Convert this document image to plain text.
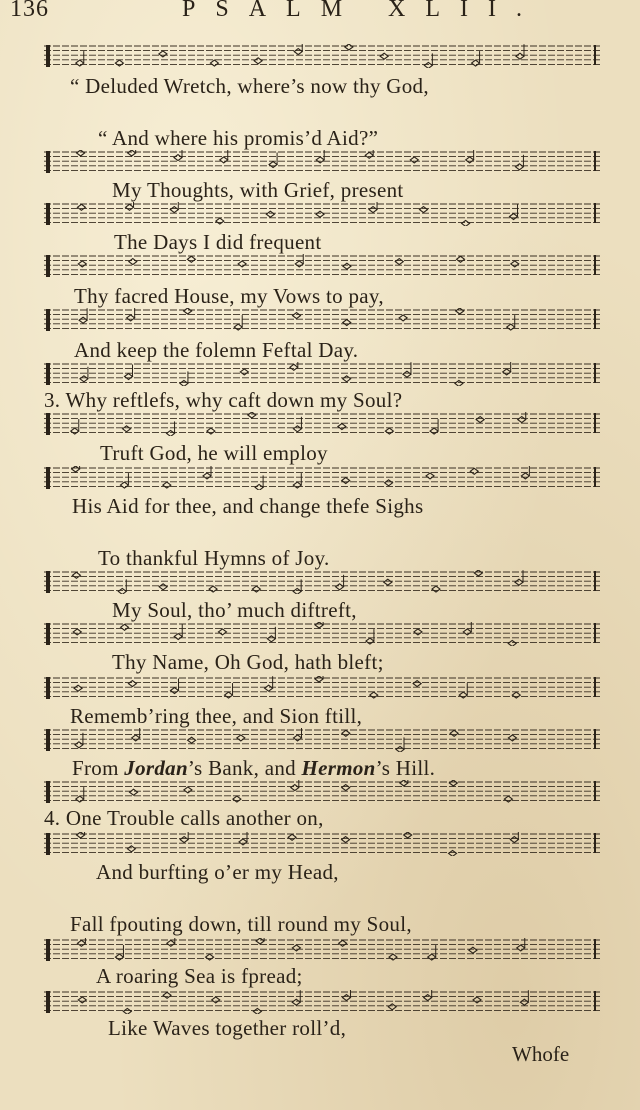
136	PSALM XLII.
“ Deluded Wretch, where’s now thy God,
“ And where his promis’d Aid?”
My Thoughts, with Grief, present
The Days I did frequent
Thy facred House, my Vows to pay,
And keep the folemn Feftal Day.
3. Why reftlefs, why caft down my Soul?
Truft God, he will employ
His Aid for thee, and change thefe Sighs
To thankful Hymns of Joy.
My Soul, tho’ much diftreft,
Thy Name, Oh God, hath bleft;
Rememb’ring thee, and Sion ftill,
From Jordan’s Bank, and Hermon’s Hill.
4. One Trouble calls another on,
And burfting o’er my Head,
Fall fpouting down, till round my Soul,
A roaring Sea is fpread;
Like Waves together roll’d,
Whofe
